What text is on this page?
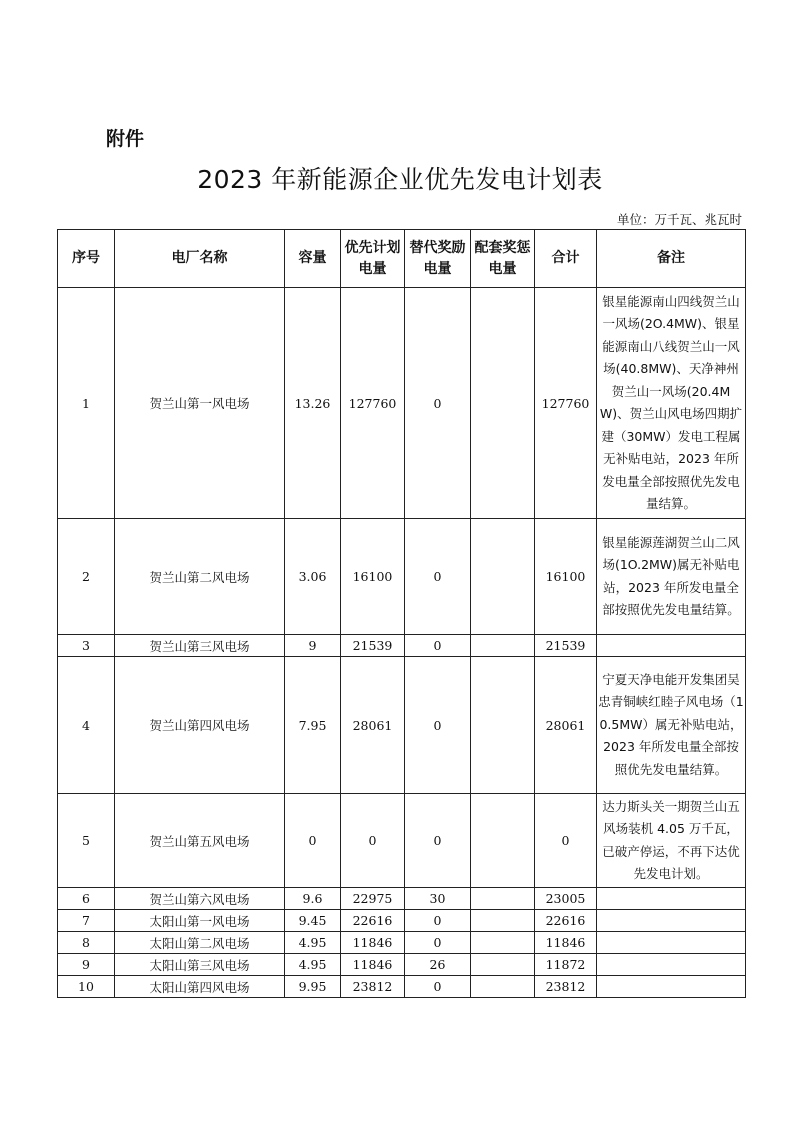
附件
2023 年新能源企业优先发电计划表
单位：万千瓦、兆瓦时
序号	电厂名称	容量	优先计划电量	替代奖励电量	配套奖惩电量	合计	备注
1	贺兰山第一风电场	13.26	127760	0		127760	银星能源南山四线贺兰山一风场(2O.4MW)、银星能源南山八线贺兰山一风场(40.8MW)、天净神州贺兰山一风场(20.4MW)、贺兰山风电场四期扩建（30MW）发电工程属无补贴电站，2023 年所发电量全部按照优先发电量结算。
2	贺兰山第二风电场	3.06	16100	0		16100	银星能源莲湖贺兰山二风场(1O.2MW)属无补贴电站，2023 年所发电量全部按照优先发电量结算。
3	贺兰山第三风电场	9	21539	0		21539	
4	贺兰山第四风电场	7.95	28061	0		28061	宁夏天净电能开发集团吴忠青铜峡红睦子风电场（10.5MW）属无补贴电站，2023 年所发电量全部按照优先发电量结算。
5	贺兰山第五风电场	0	0	0		0	达力斯头关一期贺兰山五风场装机 4.05 万千瓦，已破产停运，不再下达优先发电计划。
6	贺兰山第六风电场	9.6	22975	30		23005	
7	太阳山第一风电场	9.45	22616	0		22616	
8	太阳山第二风电场	4.95	11846	0		11846	
9	太阳山第三风电场	4.95	11846	26		11872	
10	太阳山第四风电场	9.95	23812	0		23812	
